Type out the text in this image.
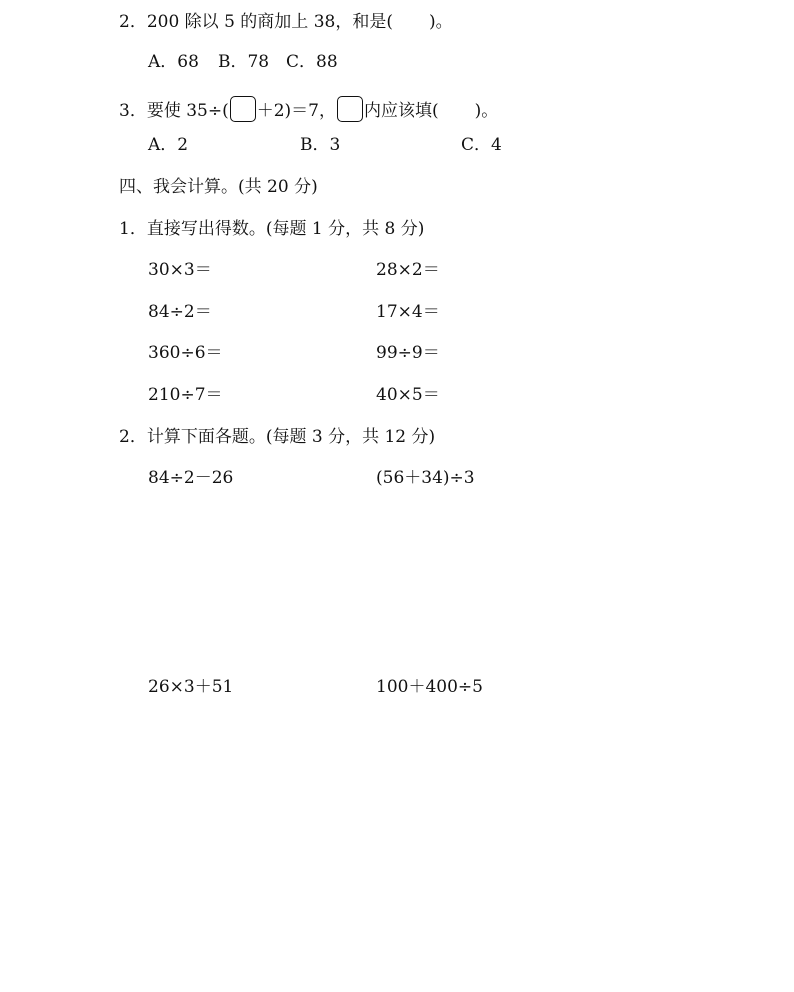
2．200 除以 5 的商加上 38，和是( )。
A．68 B．78 C．88
3．要使 35÷( ＋2)＝7， 内应该填( )。
A．2	B．3	C．4
四、我会计算。(共 20 分)
1．直接写出得数。(每题 1 分，共 8 分)
30×3＝	28×2＝
84÷2＝	17×4＝
360÷6＝	99÷9＝
210÷7＝	40×5＝
2．计算下面各题。(每题 3 分，共 12 分)
84÷2－26	(56＋34)÷3
26×3＋51	100＋400÷5
